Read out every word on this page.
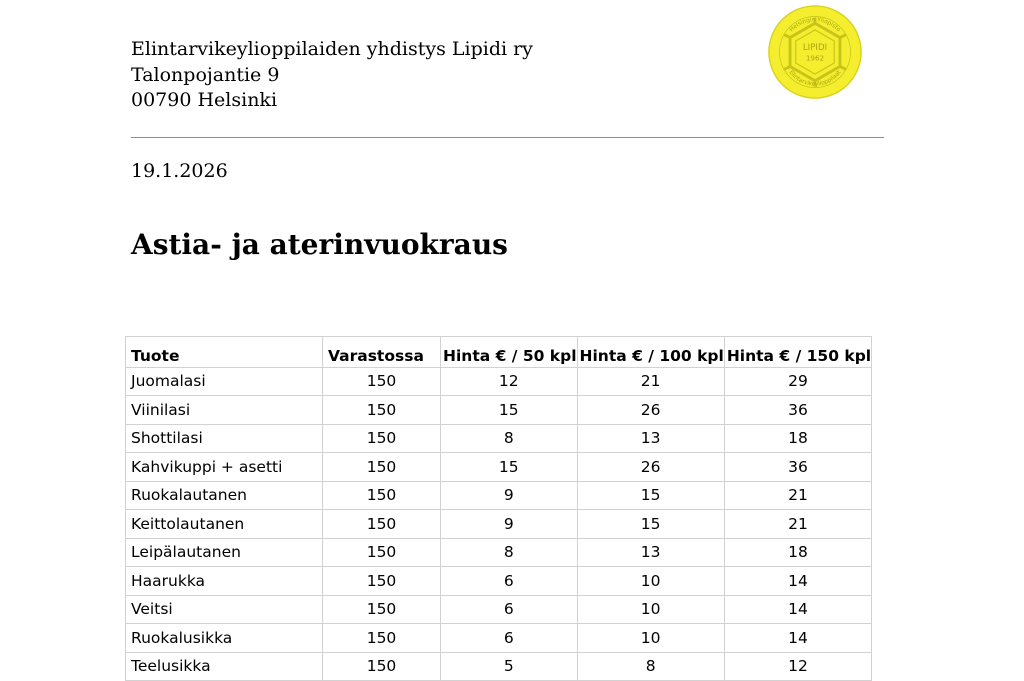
Elintarvikeylioppilaiden yhdistys Lipidi ry
Talonpojantie 9
00790 Helsinki
LIPIDI
1962
Helsingin Yliopisto
Elintarvikeylioppilaat
19.1.2026
Astia- ja aterinvuokraus
Tuote	Varastossa	Hinta € / 50 kpl	Hinta € / 100 kpl	Hinta € / 150 kpl
Juomalasi	150	12	21	29
Viinilasi	150	15	26	36
Shottilasi	150	8	13	18
Kahvikuppi + asetti	150	15	26	36
Ruokalautanen	150	9	15	21
Keittolautanen	150	9	15	21
Leipälautanen	150	8	13	18
Haarukka	150	6	10	14
Veitsi	150	6	10	14
Ruokalusikka	150	6	10	14
Teelusikka	150	5	8	12
